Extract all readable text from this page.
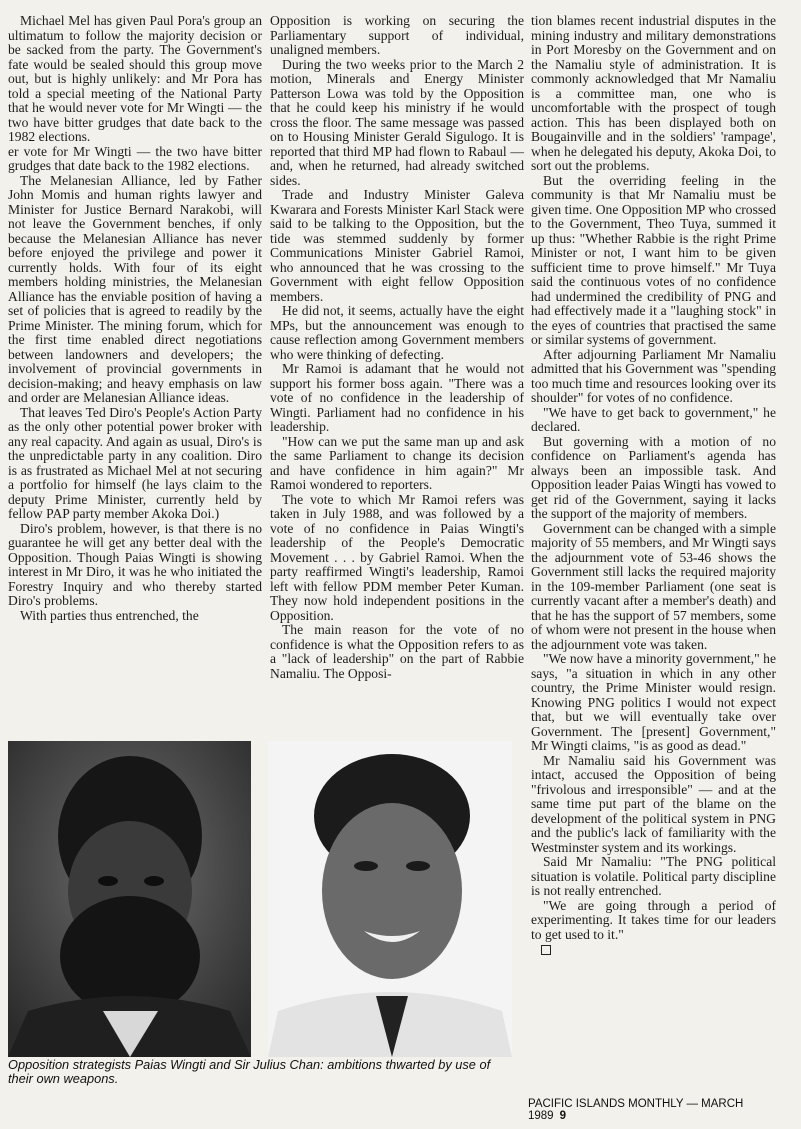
Michael Mel has given Paul Pora's group an ultimatum to follow the majority decision or be sacked from the party. The Government's fate would be sealed should this group move out, but is highly unlikely: and Mr Pora has told a special meeting of the National Party that he would never vote for Mr Wingti — the two have bitter grudges that date back to the 1982 elections.

er vote for Mr Wingti — the two have bitter grudges that date back to the 1982 elections.

The Melanesian Alliance, led by Father John Momis and human rights lawyer and Minister for Justice Bernard Narakobi, will not leave the Government benches, if only because the Melanesian Alliance has never before enjoyed the privilege and power it currently holds. With four of its eight members holding ministries, the Melanesian Alliance has the enviable position of having a set of policies that is agreed to readily by the Prime Minister. The mining forum, which for the first time enabled direct negotiations between landowners and developers; the involvement of provincial governments in decision-making; and heavy emphasis on law and order are Melanesian Alliance ideas.

That leaves Ted Diro's People's Action Party as the only other potential power broker with any real capacity. And again as usual, Diro's is the unpredictable party in any coalition. Diro is as frustrated as Michael Mel at not securing a portfolio for himself (he lays claim to the deputy Prime Minister, currently held by fellow PAP party member Akoka Doi.)

Diro's problem, however, is that there is no guarantee he will get any better deal with the Opposition. Though Paias Wingti is showing interest in Mr Diro, it was he who initiated the Forestry Inquiry and who thereby started Diro's problems.

With parties thus entrenched, the

Opposition is working on securing the Parliamentary support of individual, unaligned members.

During the two weeks prior to the March 2 motion, Minerals and Energy Minister Patterson Lowa was told by the Opposition that he could keep his ministry if he would cross the floor. The same message was passed on to Housing Minister Gerald Sigulogo. It is reported that third MP had flown to Rabaul — and, when he returned, had already switched sides.

Trade and Industry Minister Galeva Kwarara and Forests Minister Karl Stack were said to be talking to the Opposition, but the tide was stemmed suddenly by former Communications Minister Gabriel Ramoi, who announced that he was crossing to the Government with eight fellow Opposition members.

He did not, it seems, actually have the eight MPs, but the announcement was enough to cause reflection among Government members who were thinking of defecting.

Mr Ramoi is adamant that he would not support his former boss again. "There was a vote of no confidence in the leadership of Wingti. Parliament had no confidence in his leadership.

"How can we put the same man up and ask the same Parliament to change its decision and have confidence in him again?" Mr Ramoi wondered to reporters.

The vote to which Mr Ramoi refers was taken in July 1988, and was followed by a vote of no confidence in Paias Wingti's leadership of the People's Democratic Movement . . . by Gabriel Ramoi. When the party reaffirmed Wingti's leadership, Ramoi left with fellow PDM member Peter Kuman. They now hold independent positions in the Opposition.

The main reason for the vote of no confidence is what the Opposition refers to as a "lack of leadership" on the part of Rabbie Namaliu. The Opposi-

tion blames recent industrial disputes in the mining industry and military demonstrations in Port Moresby on the Government and on the Namaliu style of administration. It is commonly acknowledged that Mr Namaliu is a committee man, one who is uncomfortable with the prospect of tough action. This has been displayed both on Bougainville and in the soldiers' 'rampage', when he delegated his deputy, Akoka Doi, to sort out the problems.

But the overriding feeling in the community is that Mr Namaliu must be given time. One Opposition MP who crossed to the Government, Theo Tuya, summed it up thus: "Whether Rabbie is the right Prime Minister or not, I want him to be given sufficient time to prove himself." Mr Tuya said the continuous votes of no confidence had undermined the credibility of PNG and had effectively made it a "laughing stock" in the eyes of countries that practised the same or similar systems of government.

After adjourning Parliament Mr Namaliu admitted that his Government was "spending too much time and resources looking over its shoulder" for votes of no confidence.

"We have to get back to government," he declared.

But governing with a motion of no confidence on Parliament's agenda has always been an impossible task. And Opposition leader Paias Wingti has vowed to get rid of the Government, saying it lacks the support of the majority of members.

Government can be changed with a simple majority of 55 members, and Mr Wingti says the adjournment vote of 53-46 shows the Government still lacks the required majority in the 109-member Parliament (one seat is currently vacant after a member's death) and that he has the support of 57 members, some of whom were not present in the house when the adjournment vote was taken.

"We now have a minority government," he says, "a situation in which in any other country, the Prime Minister would resign. Knowing PNG politics I would not expect that, but we will eventually take over Government. The [present] Government," Mr Wingti claims, "is as good as dead."

Mr Namaliu said his Government was intact, accused the Opposition of being "frivolous and irresponsible" — and at the same time put part of the blame on the development of the political system in PNG and the public's lack of familiarity with the Westminster system and its workings.

Said Mr Namaliu: "The PNG political situation is volatile. Political party discipline is not really entrenched.

"We are going through a period of experimenting. It takes time for our leaders to get used to it."

Opposition strategists Paias Wingti and Sir Julius Chan: ambitions thwarted by use of their own weapons.
PACIFIC ISLANDS MONTHLY — MARCH 1989 9
